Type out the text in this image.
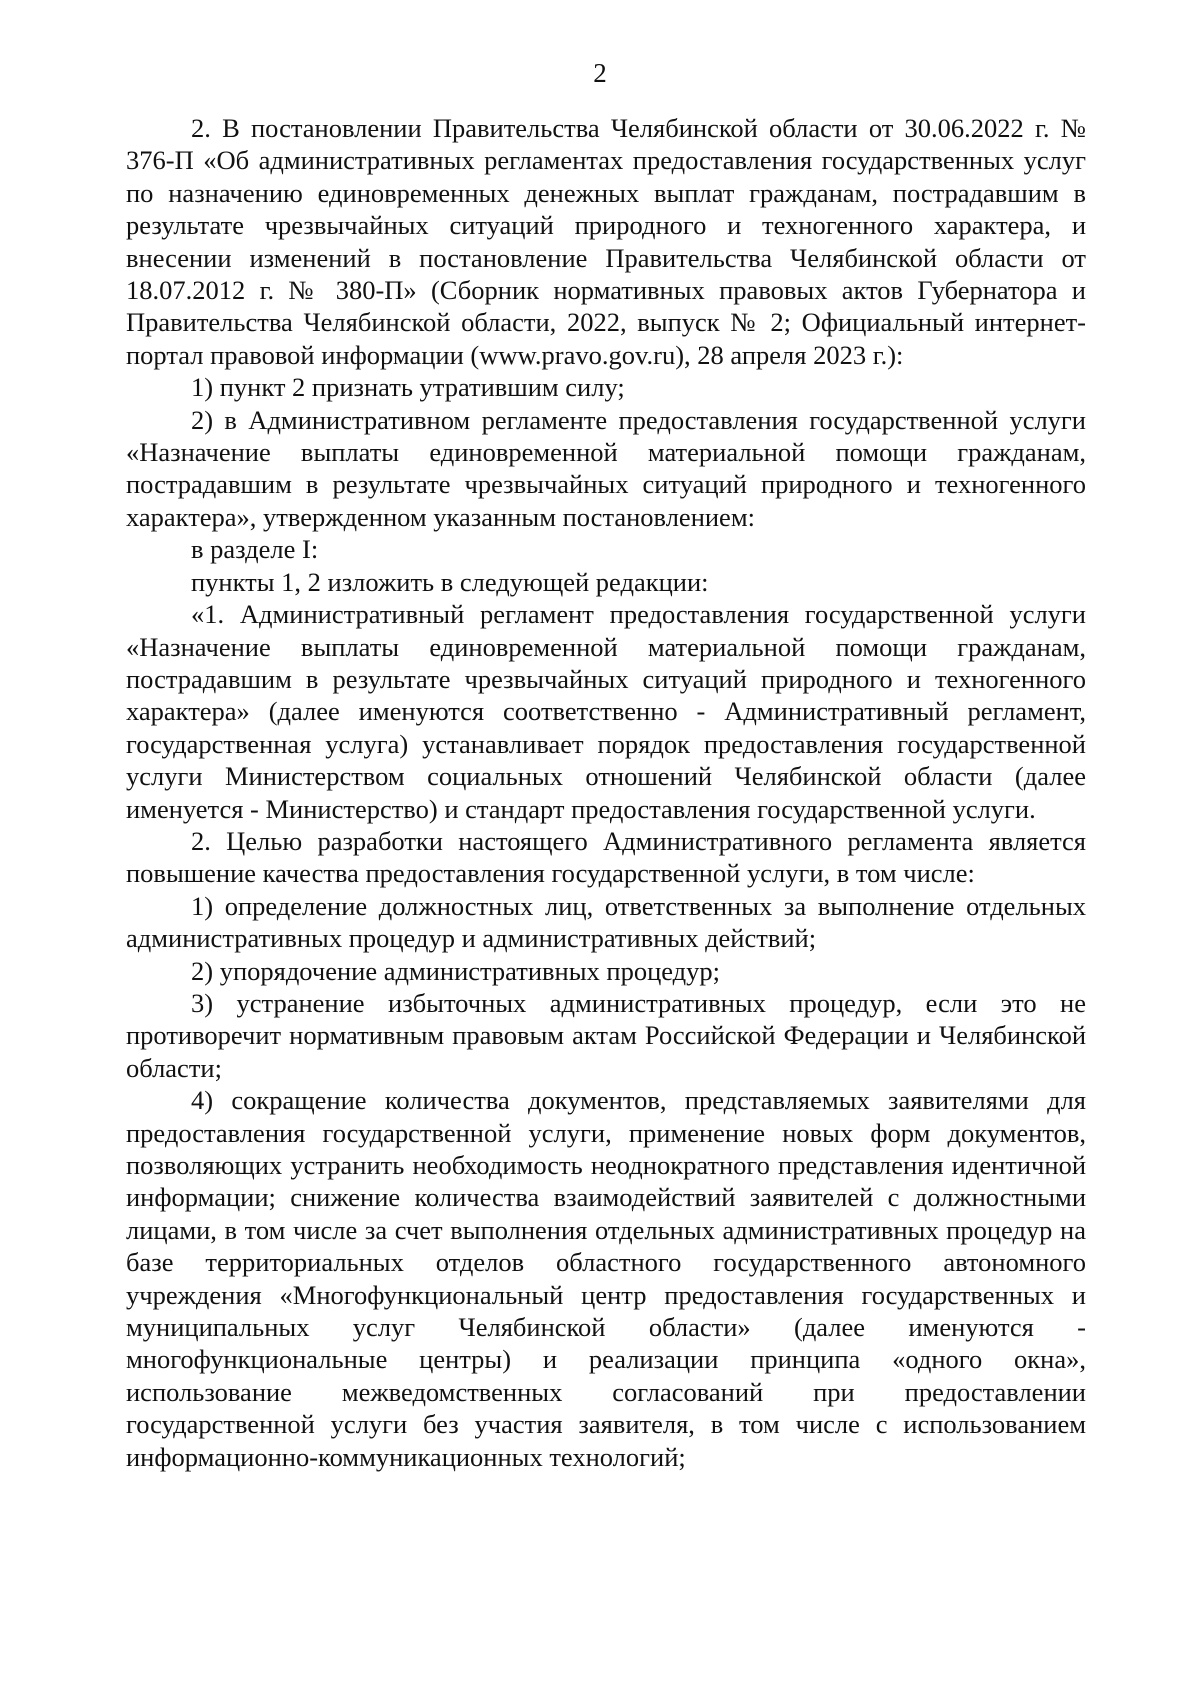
2

2. В постановлении Правительства Челябинской области от 30.06.2022 г. № 376-П «Об административных регламентах предоставления государственных услуг по назначению единовременных денежных выплат гражданам, пострадавшим в результате чрезвычайных ситуаций природного и техногенного характера, и внесении изменений в постановление Правительства Челябинской области от 18.07.2012 г. № 380-П» (Сборник нормативных правовых актов Губернатора и Правительства Челябинской области, 2022, выпуск № 2; Официальный интернет-портал правовой информации (www.pravo.gov.ru), 28 апреля 2023 г.):

1) пункт 2 признать утратившим силу;

2) в Административном регламенте предоставления государственной услуги «Назначение выплаты единовременной материальной помощи гражданам, пострадавшим в результате чрезвычайных ситуаций природного и техногенного характера», утвержденном указанным постановлением:

в разделе I:

пункты 1, 2 изложить в следующей редакции:

«1. Административный регламент предоставления государственной услуги «Назначение выплаты единовременной материальной помощи гражданам, пострадавшим в результате чрезвычайных ситуаций природного и техногенного характера» (далее именуются соответственно - Административный регламент, государственная услуга) устанавливает порядок предоставления государственной услуги Министерством социальных отношений Челябинской области (далее именуется - Министерство) и стандарт предоставления государственной услуги.

2. Целью разработки настоящего Административного регламента является повышение качества предоставления государственной услуги, в том числе:

1) определение должностных лиц, ответственных за выполнение отдельных административных процедур и административных действий;

2) упорядочение административных процедур;

3) устранение избыточных административных процедур, если это не противоречит нормативным правовым актам Российской Федерации и Челябинской области;

4) сокращение количества документов, представляемых заявителями для предоставления государственной услуги, применение новых форм документов, позволяющих устранить необходимость неоднократного представления идентичной информации; снижение количества взаимодействий заявителей с должностными лицами, в том числе за счет выполнения отдельных административных процедур на базе территориальных отделов областного государственного автономного учреждения «Многофункциональный центр предоставления государственных и муниципальных услуг Челябинской области» (далее именуются - многофункциональные центры) и реализации принципа «одного окна», использование межведомственных согласований при предоставлении государственной услуги без участия заявителя, в том числе с использованием информационно-коммуникационных технологий;
